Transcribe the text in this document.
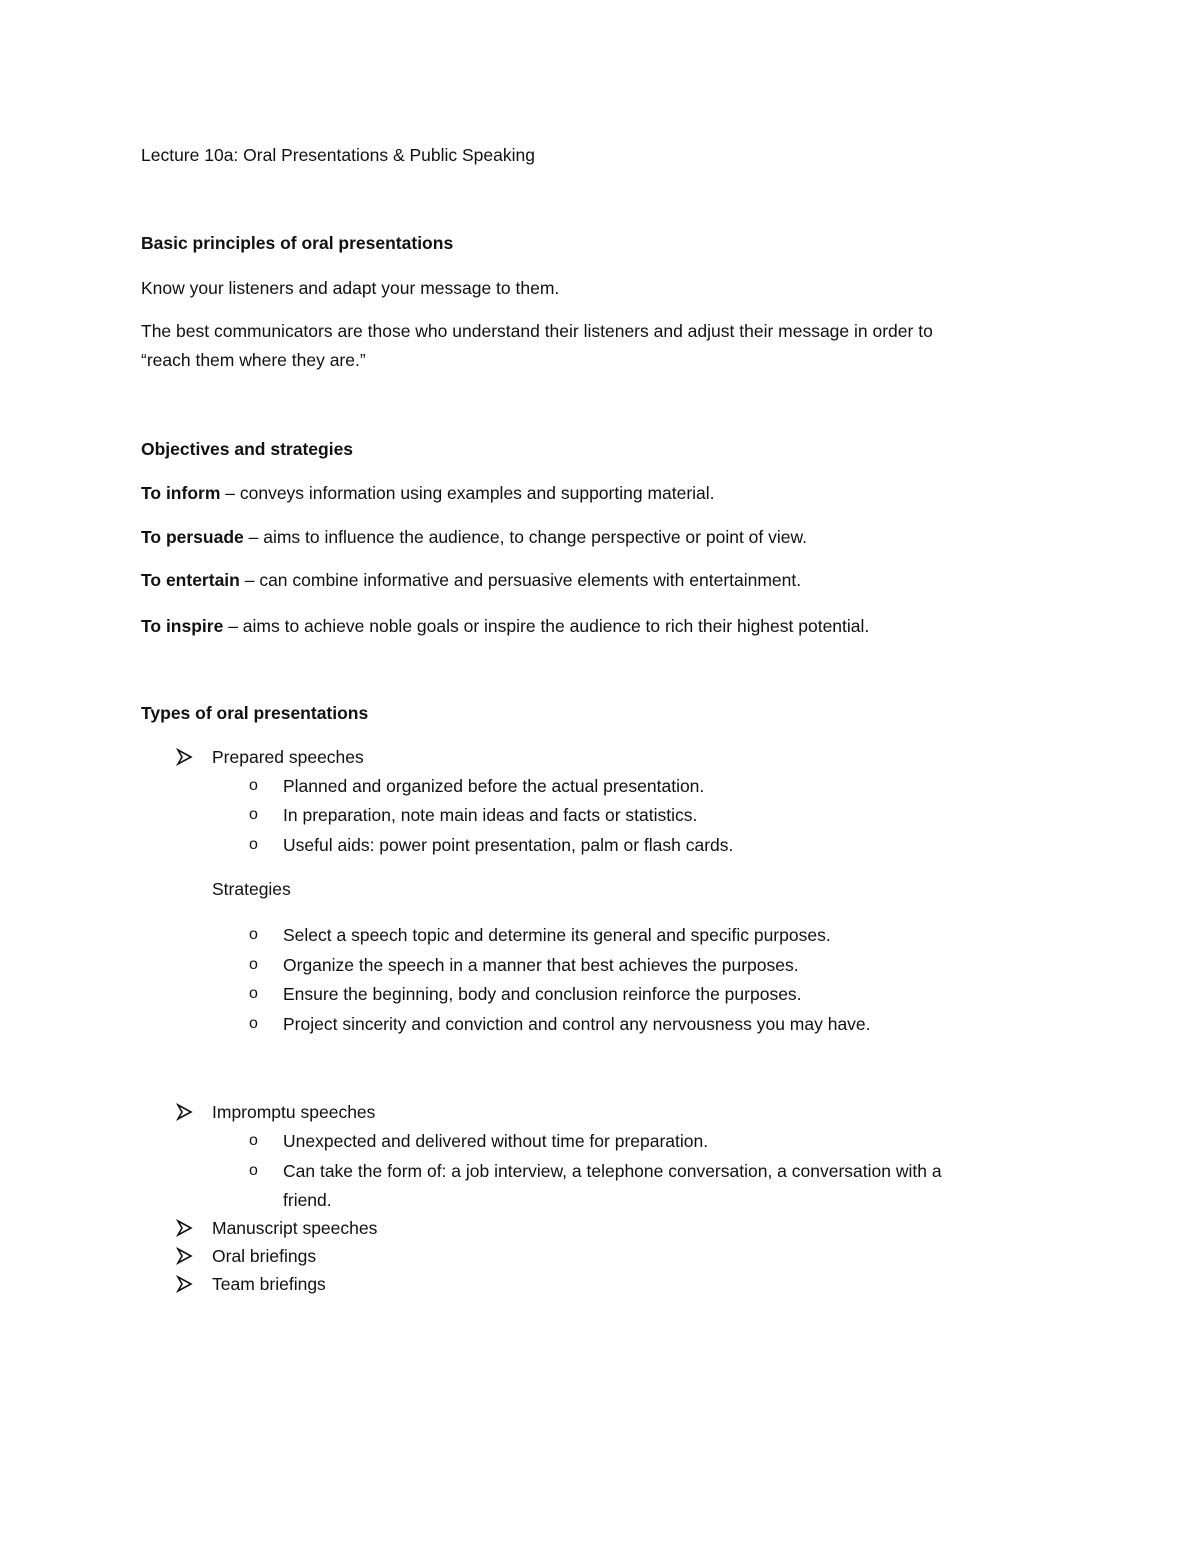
Lecture 10a: Oral Presentations & Public Speaking
Basic principles of oral presentations
Know your listeners and adapt your message to them.
The best communicators are those who understand their listeners and adjust their message in order to
“reach them where they are.”
Objectives and strategies
To inform – conveys information using examples and supporting material.
To persuade – aims to influence the audience, to change perspective or point of view.
To entertain – can combine informative and persuasive elements with entertainment.
To inspire – aims to achieve noble goals or inspire the audience to rich their highest potential.
Types of oral presentations
Prepared speeches
o Planned and organized before the actual presentation.
o In preparation, note main ideas and facts or statistics.
o Useful aids: power point presentation, palm or flash cards.
Strategies
o Select a speech topic and determine its general and specific purposes.
o Organize the speech in a manner that best achieves the purposes.
o Ensure the beginning, body and conclusion reinforce the purposes.
o Project sincerity and conviction and control any nervousness you may have.
Impromptu speeches
o Unexpected and delivered without time for preparation.
o Can take the form of: a job interview, a telephone conversation, a conversation with a
friend.
Manuscript speeches
Oral briefings
Team briefings
